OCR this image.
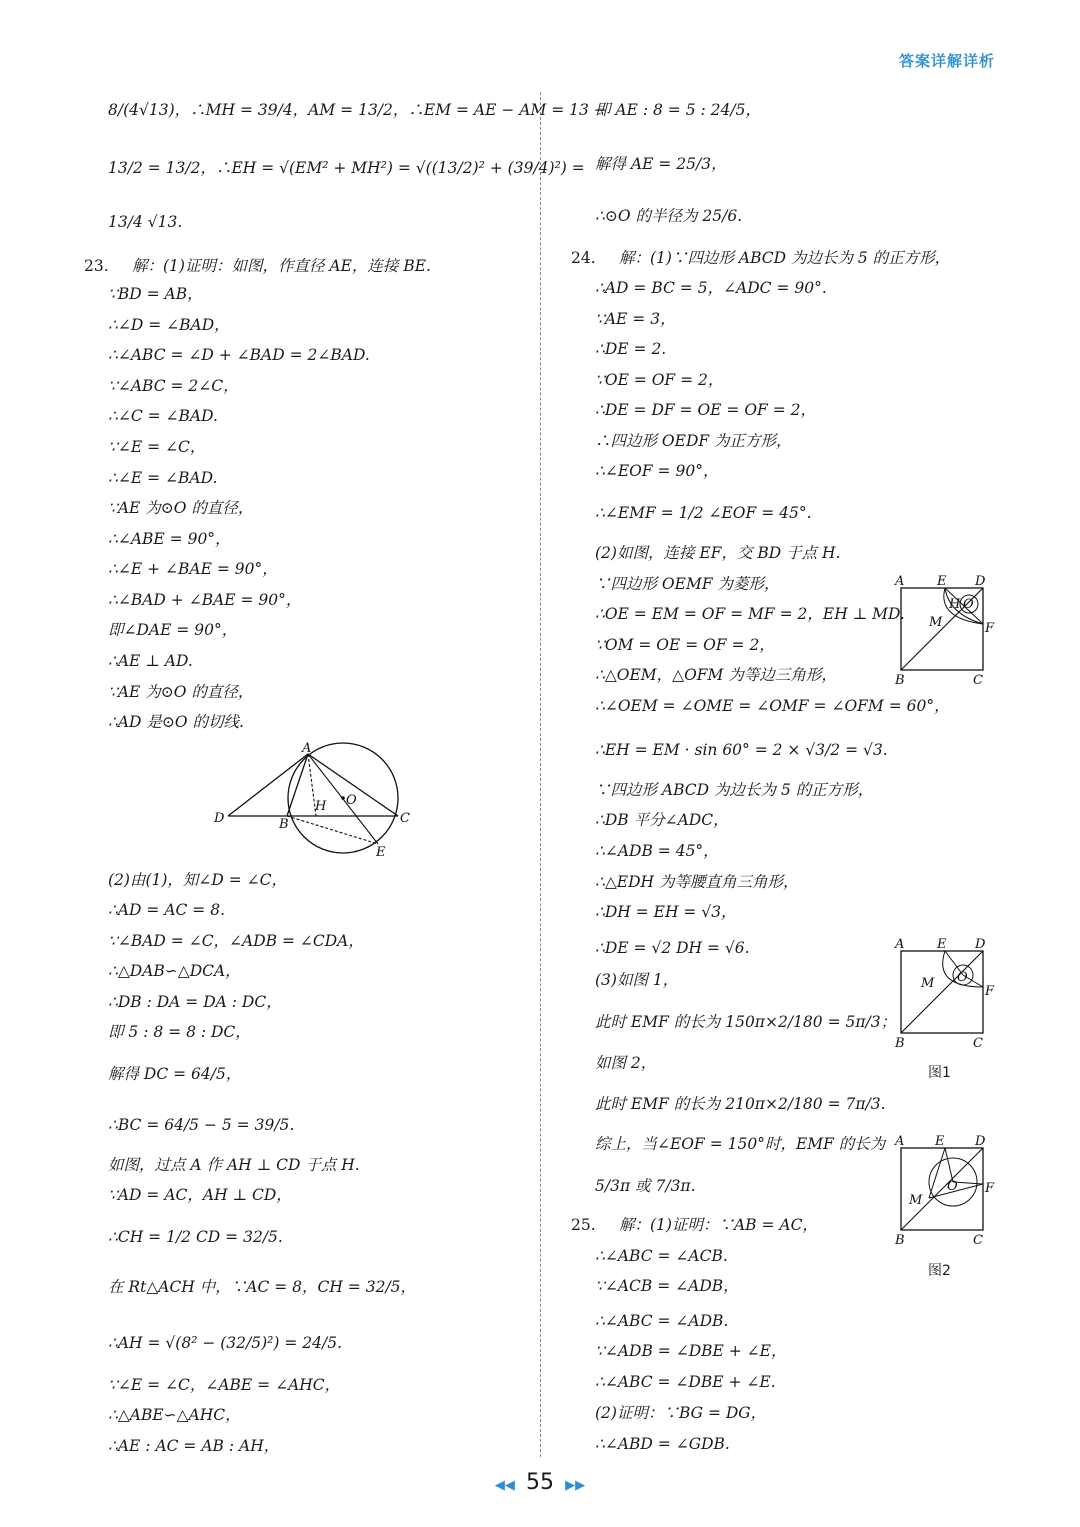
答案详解详析
8/(4√13)，∴MH = 39/4，AM = 13/2，∴EM = AE − AM = 13 −
13/2 = 13/2，∴EH = √(EM² + MH²) = √((13/2)² + (39/4)²) =
13/4 √13.
23. 解：(1)证明：如图，作直径 AE，连接 BE.
∵BD = AB，
∴∠D = ∠BAD，
∴∠ABC = ∠D + ∠BAD = 2∠BAD.
∵∠ABC = 2∠C，
∴∠C = ∠BAD.
∵∠E = ∠C，
∴∠E = ∠BAD.
∵AE 为⊙O 的直径，
∴∠ABE = 90°，
∴∠E + ∠BAE = 90°，
∴∠BAD + ∠BAE = 90°，
即∠DAE = 90°，
∴AE ⊥ AD.
∵AE 为⊙O 的直径，
∴AD 是⊙O 的切线.
(2)由(1)，知∠D = ∠C，
∴AD = AC = 8.
∵∠BAD = ∠C，∠ADB = ∠CDA，
∴△DAB∽△DCA，
∴DB : DA = DA : DC，
即 5 : 8 = 8 : DC，
解得 DC = 64/5，
∴BC = 64/5 − 5 = 39/5.
如图，过点 A 作 AH ⊥ CD 于点 H.
∵AD = AC，AH ⊥ CD，
∴CH = 1/2 CD = 32/5.
在 Rt△ACH 中，∵AC = 8，CH = 32/5，
∴AH = √(8² − (32/5)²) = 24/5.
∵∠E = ∠C，∠ABE = ∠AHC，
∴△ABE∽△AHC，
∴AE : AC = AB : AH，
即 AE : 8 = 5 : 24/5，
解得 AE = 25/3，
∴⊙O 的半径为 25/6.
24. 解：(1)∵四边形 ABCD 为边长为 5 的正方形，
∴AD = BC = 5，∠ADC = 90°.
∵AE = 3，
∴DE = 2.
∵OE = OF = 2，
∴DE = DF = OE = OF = 2，
∴四边形 OEDF 为正方形，
∴∠EOF = 90°，
∴∠EMF = 1/2 ∠EOF = 45°.
(2)如图，连接 EF，交 BD 于点 H.
∵四边形 OEMF 为菱形，
∴OE = EM = OF = MF = 2，EH ⊥ MD.
∵OM = OE = OF = 2，
∴△OEM，△OFM 为等边三角形，
∴∠OEM = ∠OME = ∠OMF = ∠OFM = 60°，
∴EH = EM · sin 60° = 2 × √3/2 = √3.
∵四边形 ABCD 为边长为 5 的正方形，
∴DB 平分∠ADC，
∴∠ADB = 45°，
∴△EDH 为等腰直角三角形，
∴DH = EH = √3，
∴DE = √2 DH = √6.
(3)如图 1，
此时 EMF 的长为 150π×2/180 = 5π/3；
如图 2，
此时 EMF 的长为 210π×2/180 = 7π/3.
综上，当∠EOF = 150°时，EMF 的长为
5/3π 或 7/3π.
25. 解：(1)证明：∵AB = AC，
∴∠ABC = ∠ACB.
∵∠ACB = ∠ADB，
∴∠ABC = ∠ADB.
∵∠ADB = ∠DBE + ∠E，
∴∠ABC = ∠DBE + ∠E.
(2)证明：∵BG = DG，
∴∠ABD = ∠GDB.
A
D	B
H O
C
E
A	E D
H O
M	F
B	C
A	E D
M O
F
B	C
图1
A E D
M
O F
B	C
图2
◀◀ 55 ▶▶
